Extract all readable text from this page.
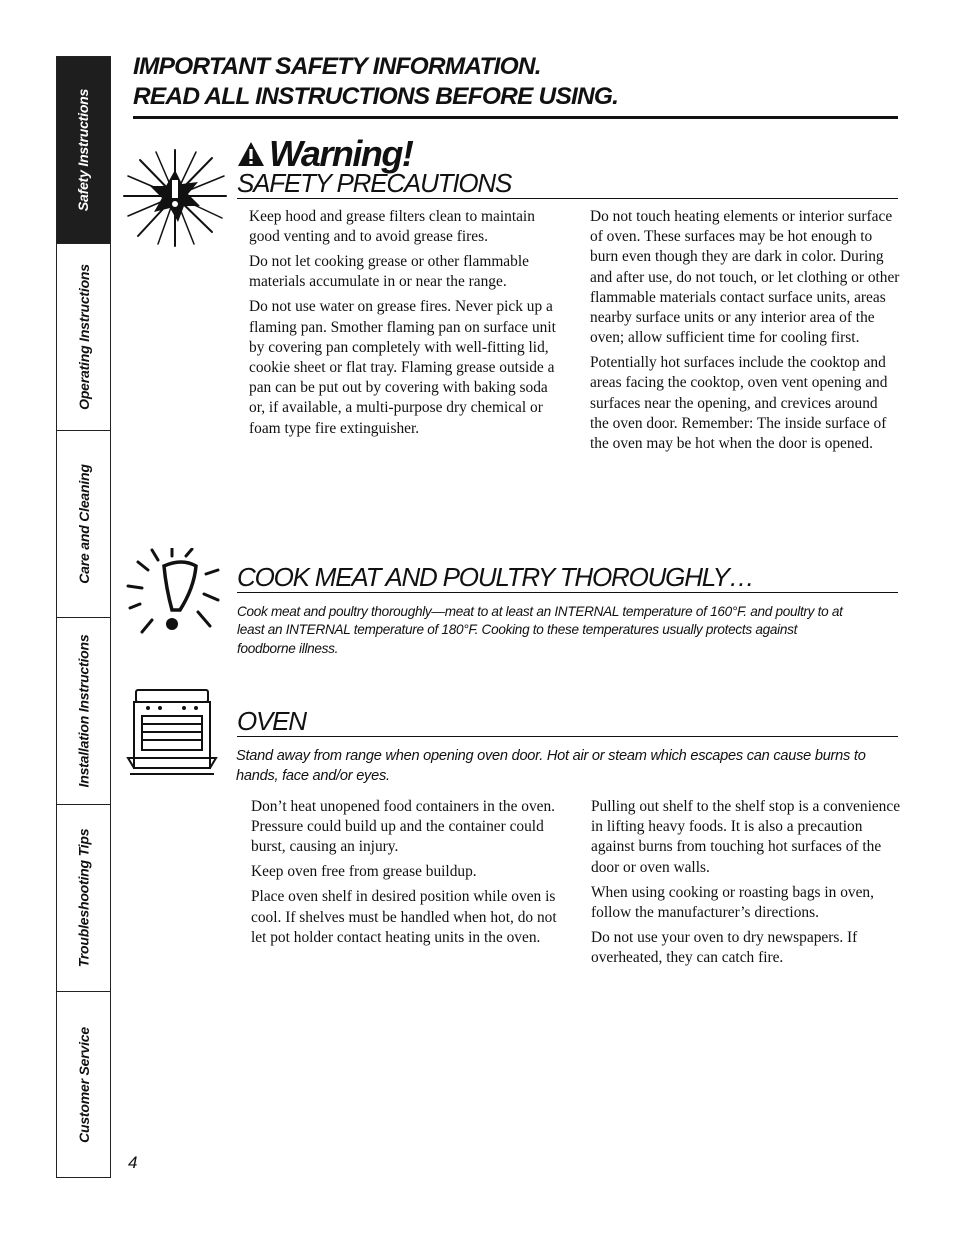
Safety Instructions
Operating Instructions
Care and Cleaning
Installation Instructions
Troubleshooting Tips
Customer Service
IMPORTANT SAFETY INFORMATION.
READ ALL INSTRUCTIONS BEFORE USING.
Warning!
SAFETY PRECAUTIONS

Keep hood and grease filters clean to maintain good venting and to avoid grease fires.

Do not let cooking grease or other flammable materials accumulate in or near the range.

Do not use water on grease fires. Never pick up a flaming pan. Smother flaming pan on surface unit by covering pan completely with well-fitting lid, cookie sheet or flat tray. Flaming grease outside a pan can be put out by covering with baking soda or, if available, a multi-purpose dry chemical or foam type fire extinguisher.

Do not touch heating elements or interior surface of oven. These surfaces may be hot enough to burn even though they are dark in color. During and after use, do not touch, or let clothing or other flammable materials contact surface units, areas nearby surface units or any interior area of the oven; allow sufficient time for cooling first.

Potentially hot surfaces include the cooktop and areas facing the cooktop, oven vent opening and surfaces near the opening, and crevices around the oven door. Remember: The inside surface of the oven may be hot when the door is opened.

COOK MEAT AND POULTRY THOROUGHLY…
Cook meat and poultry thoroughly—meat to at least an INTERNAL temperature of 160°F. and poultry to at least an INTERNAL temperature of 180°F. Cooking to these temperatures usually protects against foodborne illness.
OVEN
Stand away from range when opening oven door. Hot air or steam which escapes can cause burns to hands, face and/or eyes.

Don’t heat unopened food containers in the oven. Pressure could build up and the container could burst, causing an injury.

Keep oven free from grease buildup.

Place oven shelf in desired position while oven is cool. If shelves must be handled when hot, do not let pot holder contact heating units in the oven.

Pulling out shelf to the shelf stop is a convenience in lifting heavy foods. It is also a precaution against burns from touching hot surfaces of the door or oven walls.

When using cooking or roasting bags in oven, follow the manufacturer’s directions.

Do not use your oven to dry newspapers. If overheated, they can catch fire.

4
